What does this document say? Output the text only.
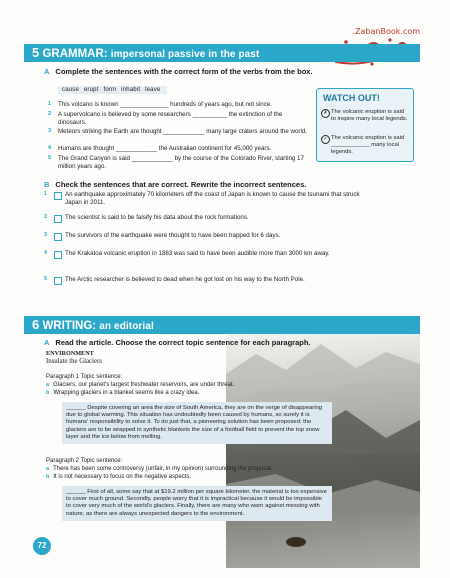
.ZabanBook.com
5 GRAMMAR: impersonal passive in the past
A Complete the sentences with the correct form of the verbs from the box.
cause erupt form inhabit leave
1 This volcano is known ______________ hundreds of years ago, but not since.
2 A supervolcano is believed by some researchers __________ the extinction of the dinosaurs.
3 Meteors striking the Earth are thought ____________ many large craters around the world.
4 Humans are thought ____________ the Australian continent for 45,000 years.
5 The Grand Canyon is said ____________ by the course of the Colorado River, starting 17 million years ago.
WATCH OUT!
✗ The volcanic eruption is said to inspire many local legends.
✓ The volcanic eruption is said ____________ many local legends.
B Check the sentences that are correct. Rewrite the incorrect sentences.
1	An earthquake approximately 70 kilometers off the coast of Japan is known to cause the tsunami that struck Japan in 2011.
2	The scientist is said to be falsify his data about the rock formations.
3	The survivors of the earthquake were thought to have been trapped for 6 days.
4	The Krakatoa volcanic eruption in 1883 was said to have been audible more than 3000 km away.
5	The Arctic researcher is believed to dead when he got lost on his way to the North Pole.
6 WRITING: an editorial
A Read the article. Choose the correct topic sentence for each paragraph.
ENVIRONMENT
Insulate the Glaciers
Paragraph 1 Topic sentence:
a Glaciers, our planet's largest freshwater reservoirs, are under threat.
b Wrapping glaciers in a blanket seems like a crazy idea.
______ Despite covering an area the size of South America, they are on the verge of disappearing due to global warming. This situation has undoubtedly been caused by humans, so surely it is humans' responsibility to solve it. To do just that, a pioneering solution has been proposed: the glaciers are to be wrapped in synthetic blankets the size of a football field to prevent the top snow layer and the ice below from melting.
Paragraph 2 Topic sentence:
a There has been some controversy (unfair, in my opinion) surrounding the proposal.
b It is not necessary to focus on the negative aspects.
______ First of all, some say that at $19.2 million per square kilometer, the material is too expensive to cover much ground. Secondly, people worry that it is impractical because it would be impossible to cover very much of the world's glaciers. Finally, there are many who warn against messing with nature, as there are always unexpected dangers to the environment.
72
